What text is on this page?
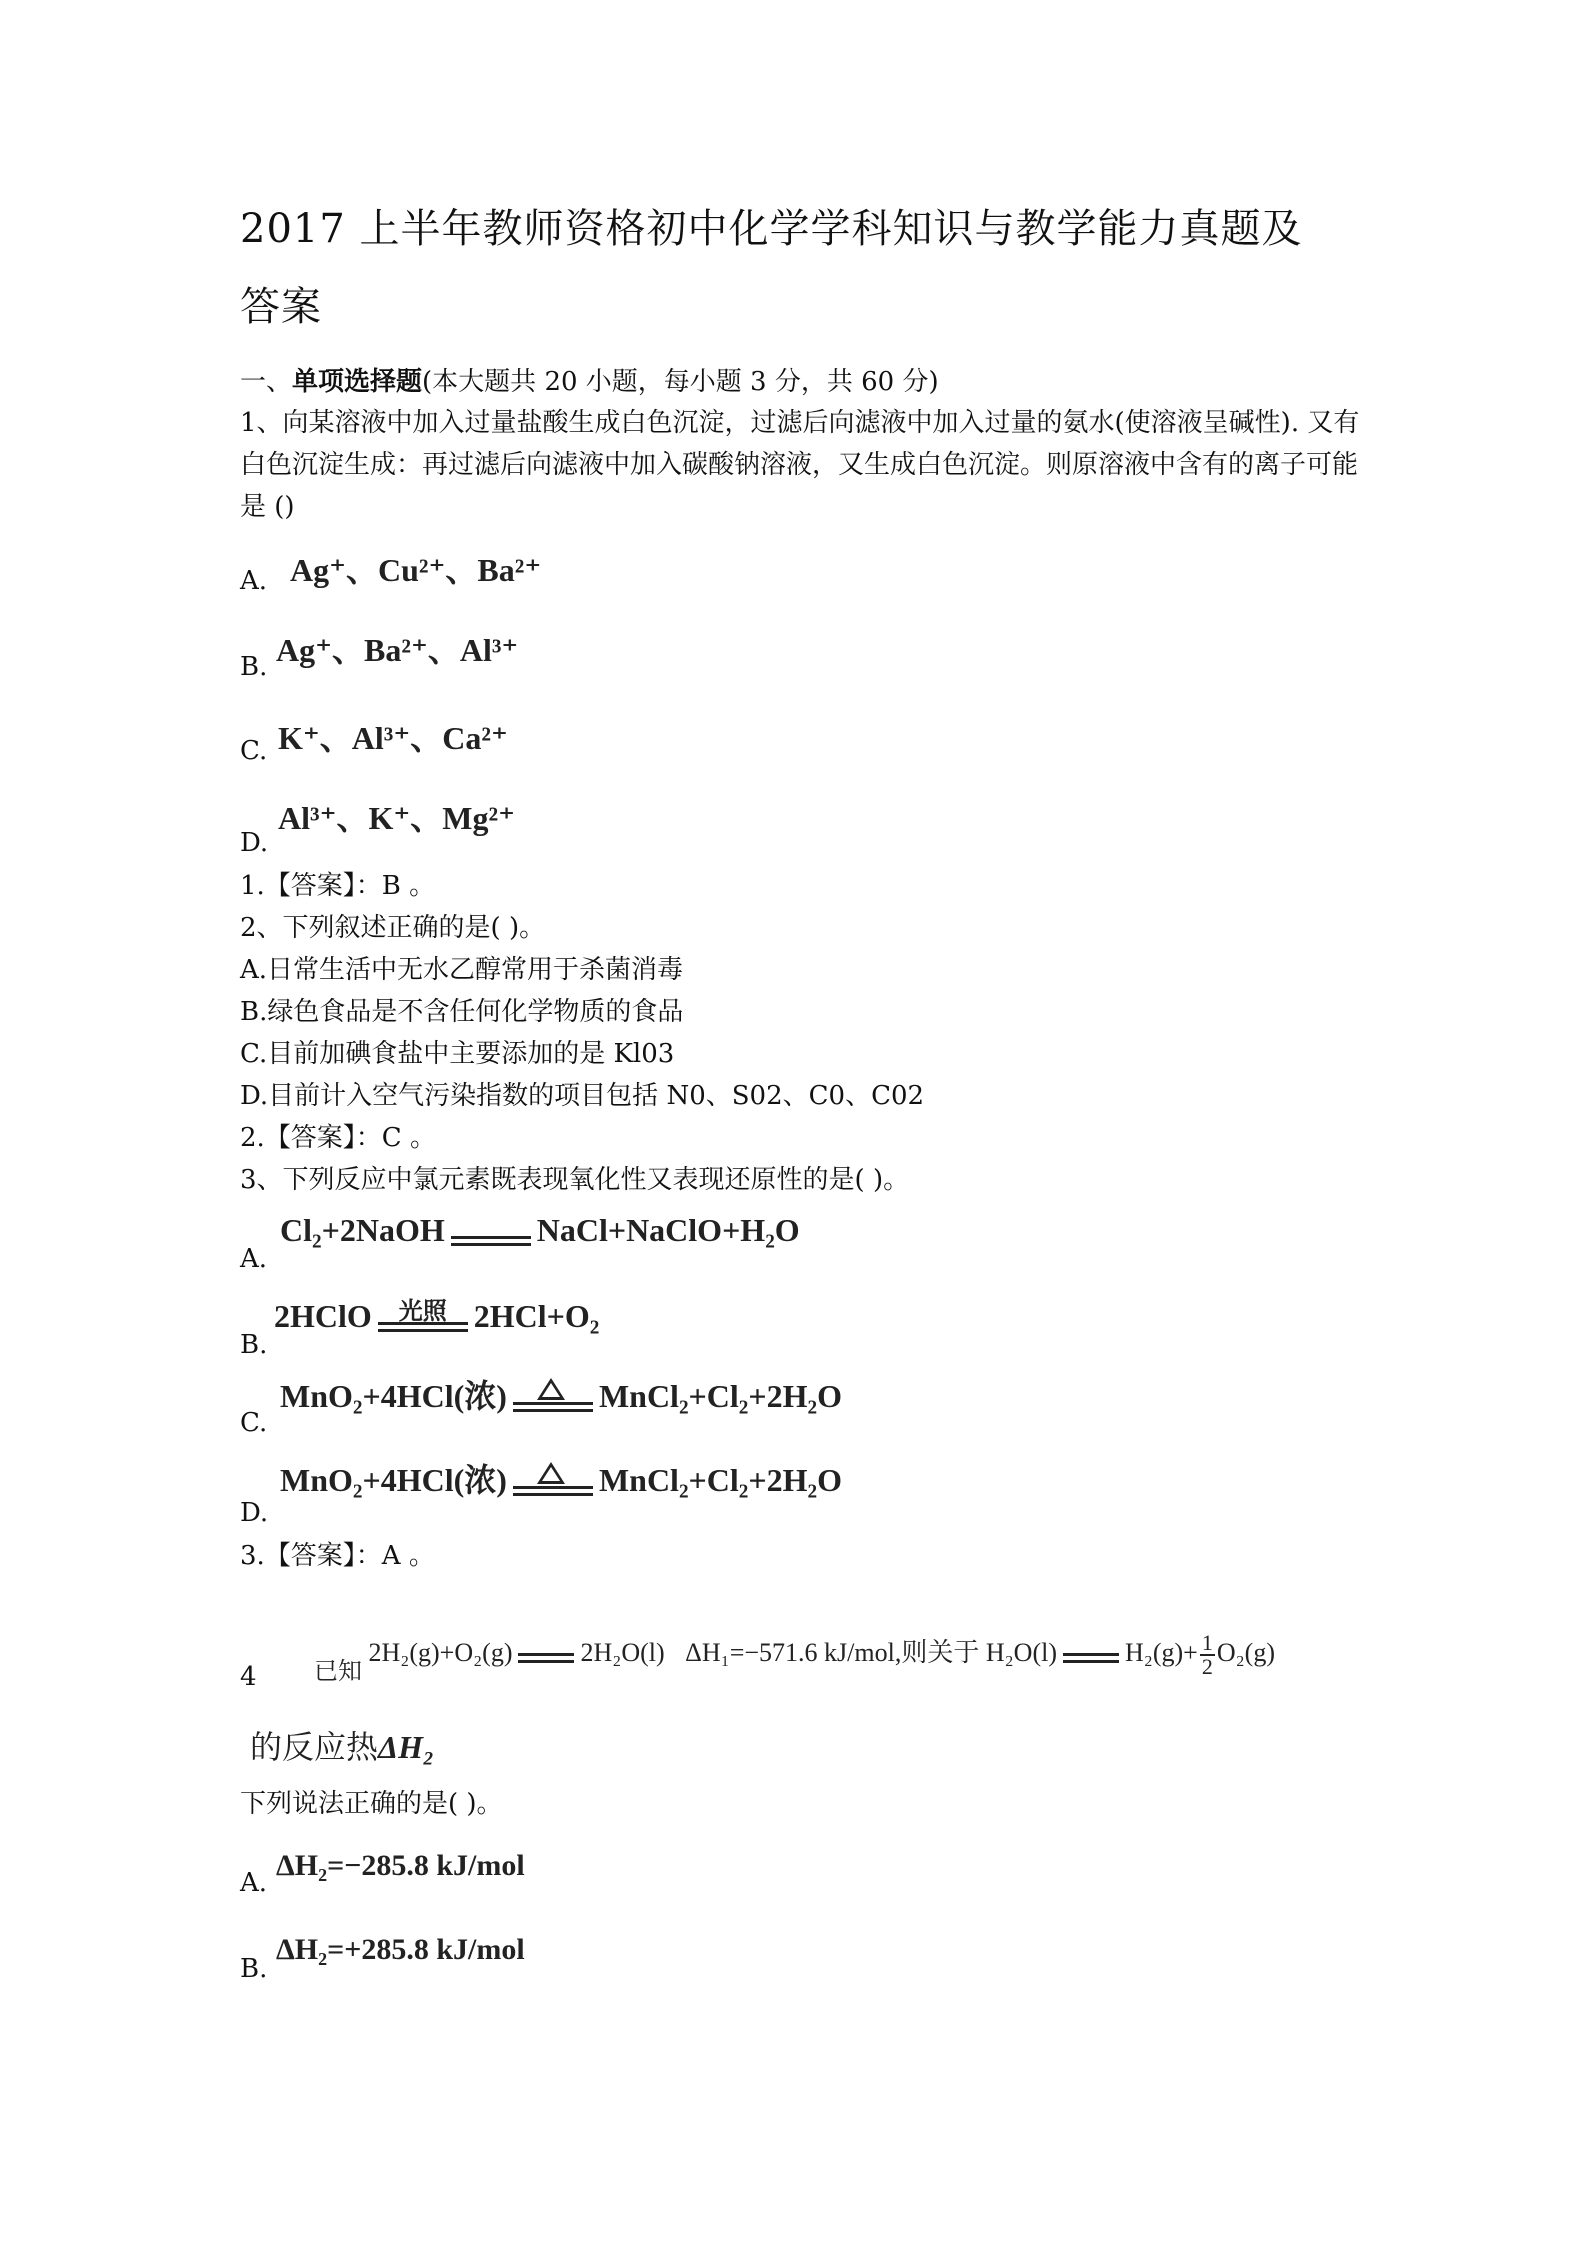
2017 上半年教师资格初中化学学科知识与教学能力真题及
答案
一、单项选择题(本大题共 20 小题，每小题 3 分，共 60 分)
1、向某溶液中加入过量盐酸生成白色沉淀，过滤后向滤液中加入过量的氨水(使溶液呈碱性). 又有白色沉淀生成：再过滤后向滤液中加入碳酸钠溶液，又生成白色沉淀。则原溶液中含有的离子可能是 ()
A. Ag⁺、Cu²⁺、Ba²⁺
B. Ag⁺、Ba²⁺、Al³⁺
C. K⁺、Al³⁺、Ca²⁺
D.
Al³⁺、K⁺、Mg²⁺
1.【答案】：B 。
2、下列叙述正确的是( )。
A.日常生活中无水乙醇常用于杀菌消毒
B.绿色食品是不含任何化学物质的食品
C.目前加碘食盐中主要添加的是 Kl03
D.目前计入空气污染指数的项目包括 N0、S02、C0、C02
2.【答案】：C 。
3、下列反应中氯元素既表现氧化性又表现还原性的是( )。
A.
Cl₂+2NaOH	NaCl+NaClO+H₂O
B.
2HClO	光照 2HCl+O₂
C.
MnO₂+4HCl(浓)	MnCl₂+Cl₂+2H₂O
D.
MnO₂+4HCl(浓)	MnCl₂+Cl₂+2H₂O
3.【答案】：A 。
4 已知 2H₂(g)+O₂(g)	2H₂O(l) ΔH₁=−571.6 kJ/mol,则关于 H₂O(l)	$H_2(g)+ \frac{1}{2} O_2(g)$
的反应热ΔH₂
下列说法正确的是( )。
A.
ΔH₂=−285.8 kJ/mol
B.
ΔH₂=+285.8 kJ/mol
